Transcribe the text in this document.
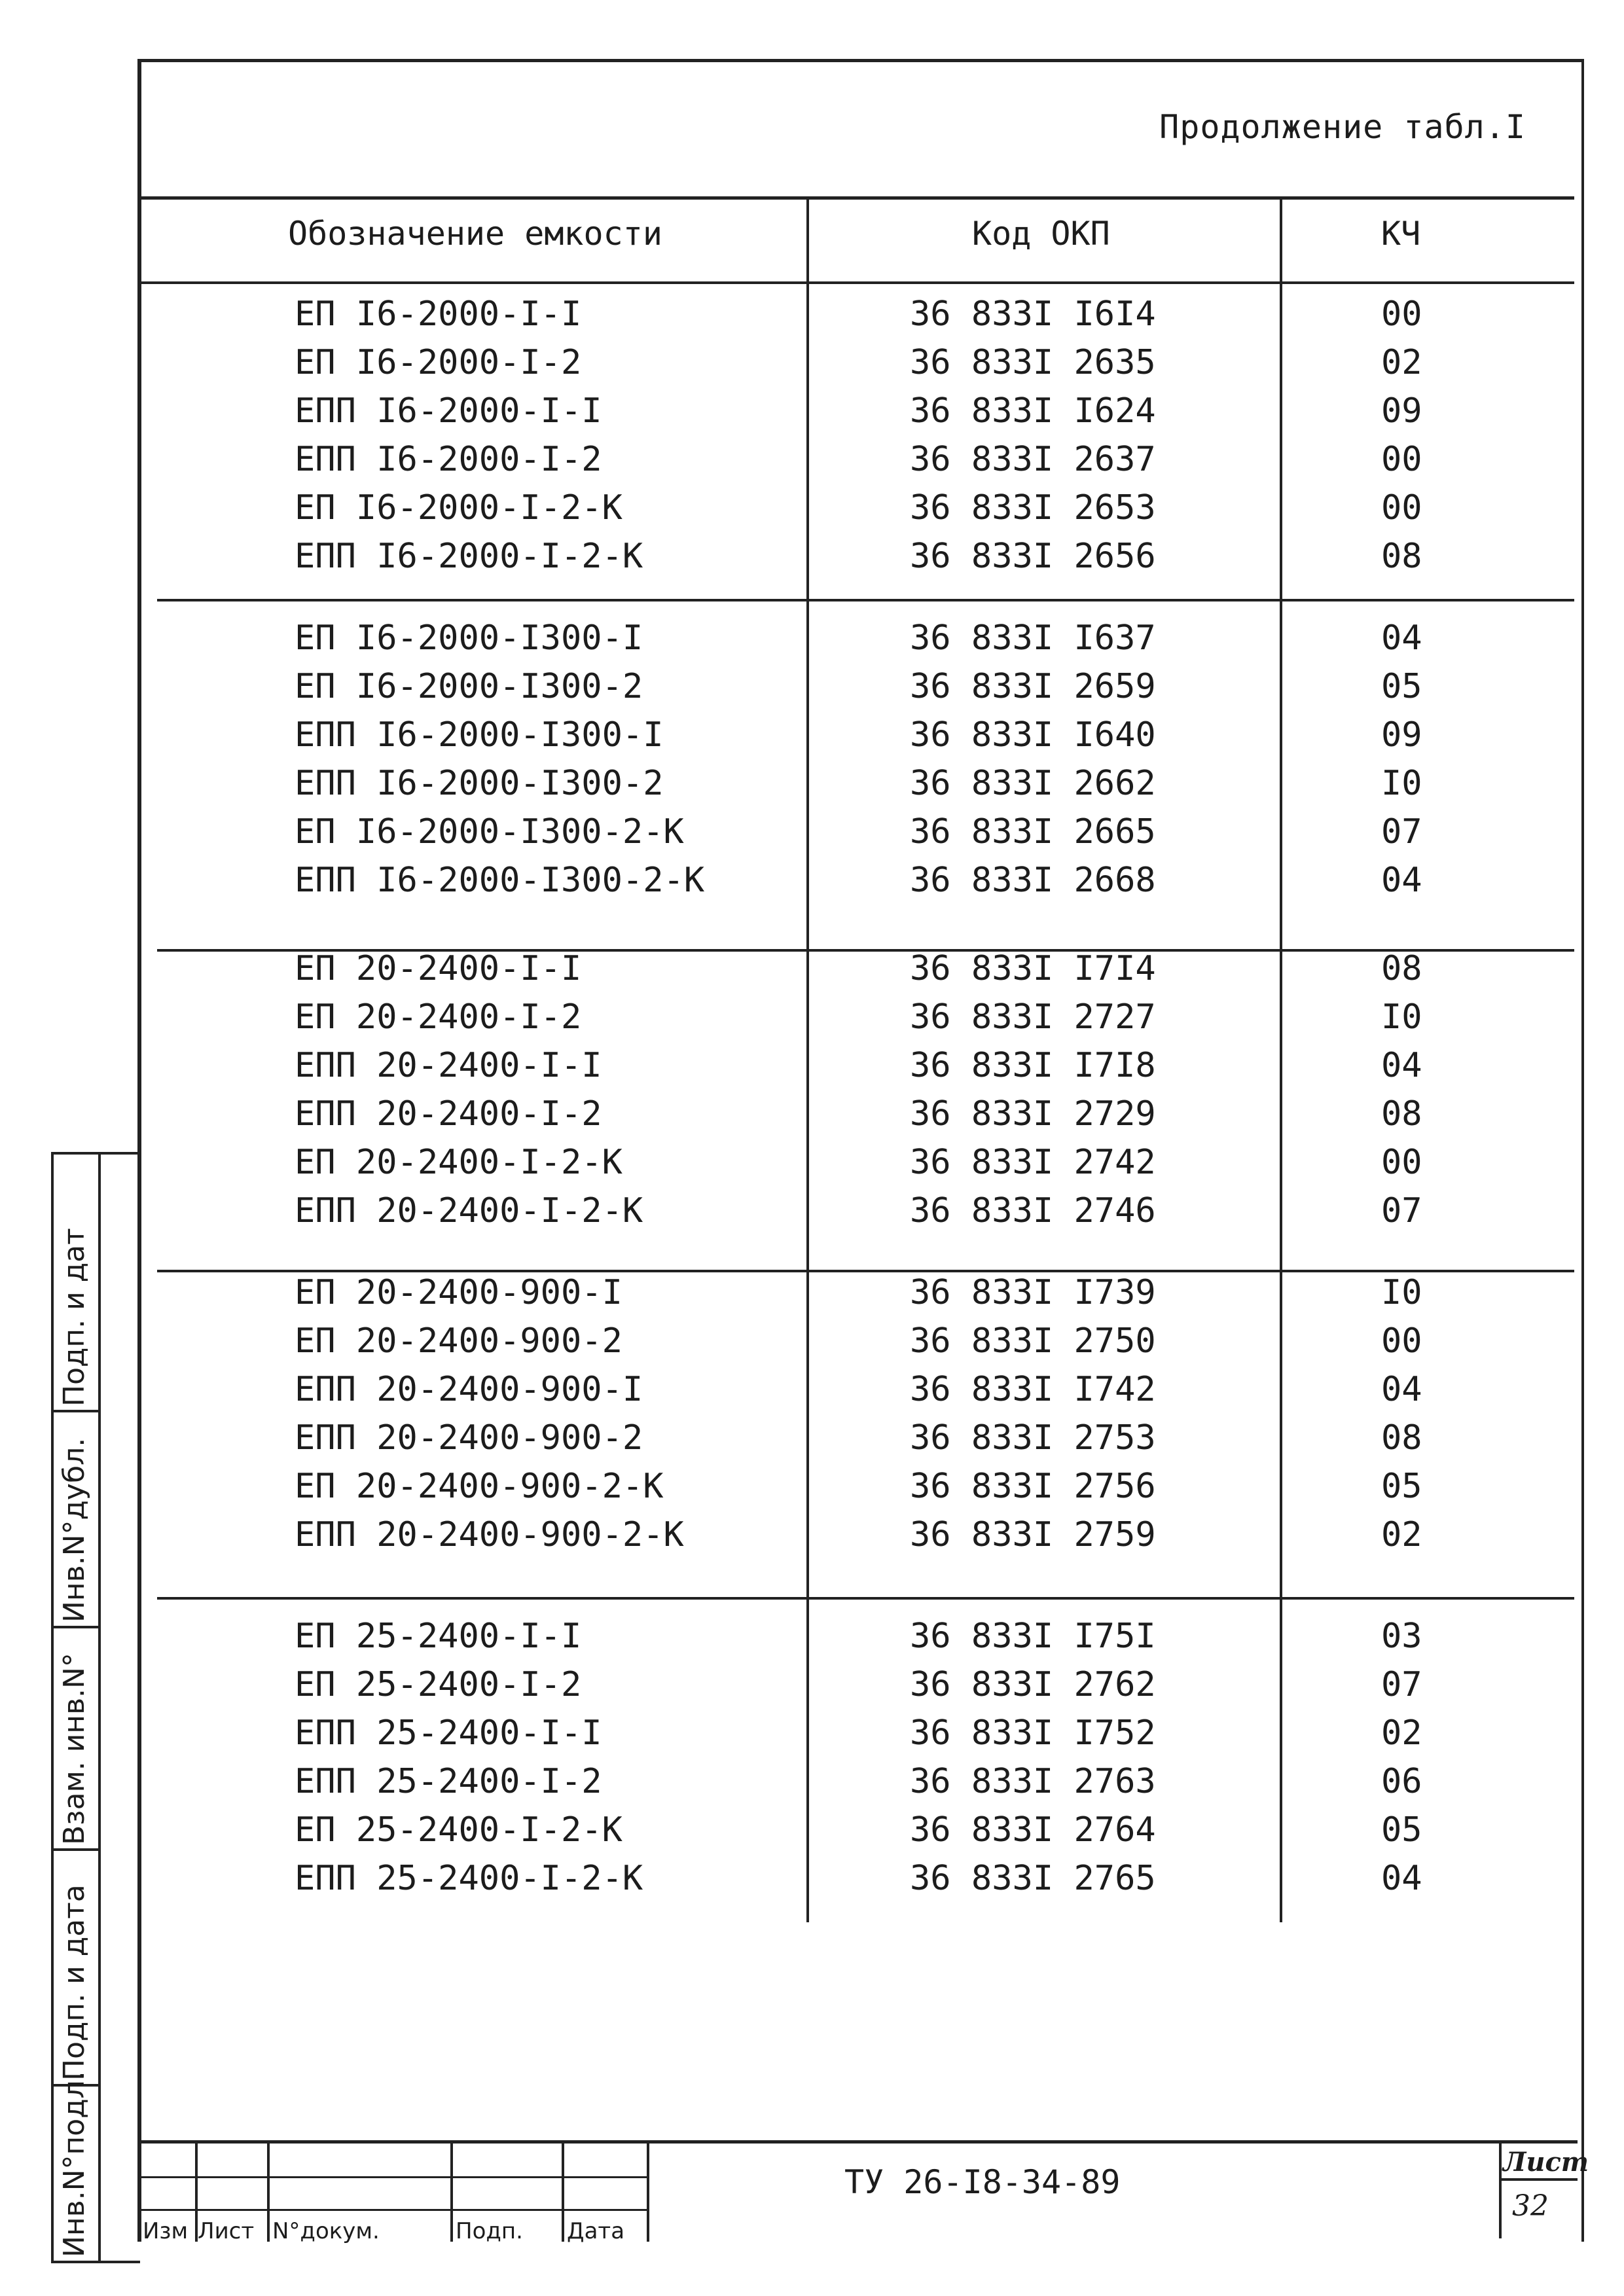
Продолжение табл.I
Обозначение емкости	Код ОКП	КЧ
ЕП I6-2000-I-I	36 833I I6I4	00
ЕП I6-2000-I-2	36 833I 2635	02
ЕПП I6-2000-I-I	36 833I I624	09
ЕПП I6-2000-I-2	36 833I 2637	00
ЕП I6-2000-I-2-К	36 833I 2653	00
ЕПП I6-2000-I-2-К	36 833I 2656	08
ЕП I6-2000-I300-I	36 833I I637	04
ЕП I6-2000-I300-2	36 833I 2659	05
ЕПП I6-2000-I300-I	36 833I I640	09
ЕПП I6-2000-I300-2	36 833I 2662	I0
ЕП I6-2000-I300-2-К	36 833I 2665	07
ЕПП I6-2000-I300-2-К	36 833I 2668	04
ЕП 20-2400-I-I	36 833I I7I4	08
ЕП 20-2400-I-2	36 833I 2727	I0
ЕПП 20-2400-I-I	36 833I I7I8	04
ЕПП 20-2400-I-2	36 833I 2729	08
ЕП 20-2400-I-2-К	36 833I 2742	00
ЕПП 20-2400-I-2-К	36 833I 2746	07
ЕП 20-2400-900-I	36 833I I739	I0
ЕП 20-2400-900-2	36 833I 2750	00
ЕПП 20-2400-900-I	36 833I I742	04
ЕПП 20-2400-900-2	36 833I 2753	08
ЕП 20-2400-900-2-К	36 833I 2756	05
ЕПП 20-2400-900-2-К	36 833I 2759	02
ЕП 25-2400-I-I	36 833I I75I	03
ЕП 25-2400-I-2	36 833I 2762	07
ЕПП 25-2400-I-I	36 833I I752	02
ЕПП 25-2400-I-2	36 833I 2763	06
ЕП 25-2400-I-2-К	36 833I 2764	05
ЕПП 25-2400-I-2-К	36 833I 2765	04
Подп. и дат
Инв.N°дубл.
Взам. инв.N°
Подп. и дата
Инв.N°подл. Изм Лист N°докум.	Подп. Дата
ТУ 26-I8-34-89
Лист
32
